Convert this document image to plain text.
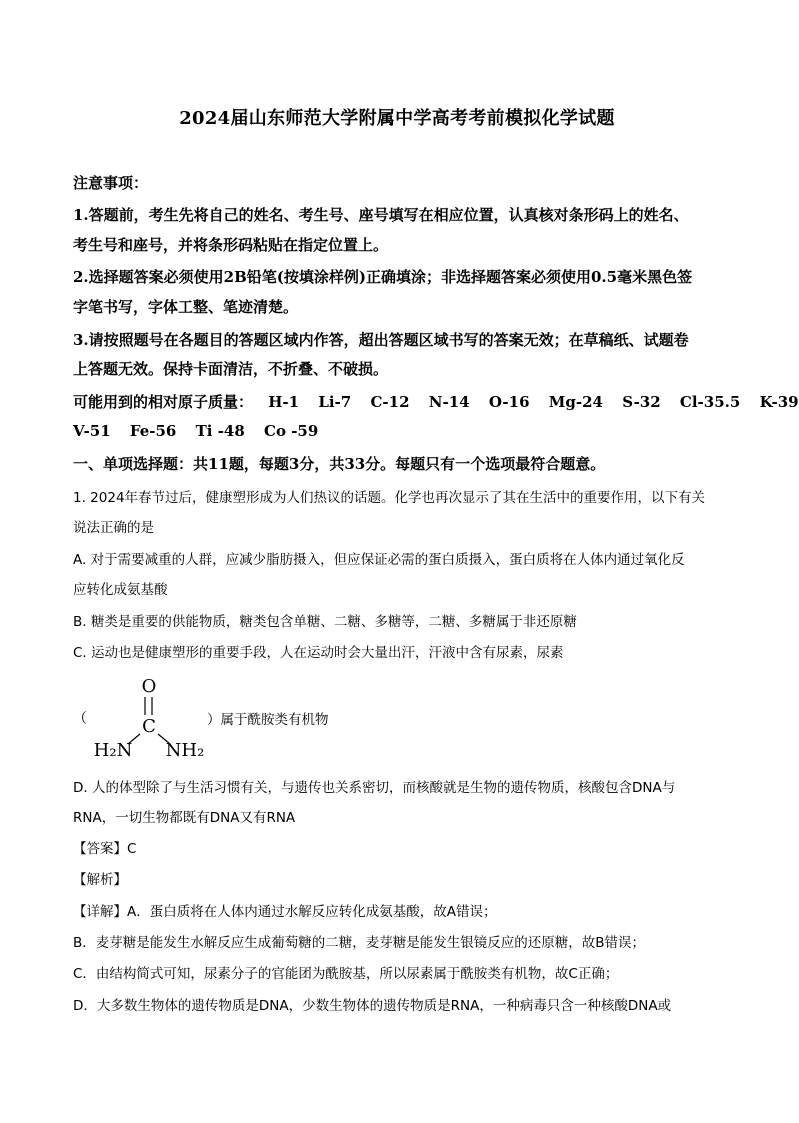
2024届山东师范大学附属中学高考考前模拟化学试题
注意事项：
1.答题前，考生先将自己的姓名、考生号、座号填写在相应位置，认真核对条形码上的姓名、
考生号和座号，并将条形码粘贴在指定位置上。
2.选择题答案必须使用2B铅笔(按填涂样例)正确填涂；非选择题答案必须使用0.5毫米黑色签
字笔书写，字体工整、笔迹清楚。
3.请按照题号在各题目的答题区域内作答，超出答题区域书写的答案无效；在草稿纸、试题卷
上答题无效。保持卡面清洁，不折叠、不破损。
可能用到的相对原子质量： H-1 Li-7 C-12 N-14 O-16 Mg-24 S-32 Cl-35.5 K-39
V-51 Fe-56 Ti -48 Co -59
一、单项选择题：共11题，每题3分，共33分。每题只有一个选项最符合题意。
1. 2024年春节过后，健康塑形成为人们热议的话题。化学也再次显示了其在生活中的重要作用，以下有关
说法正确的是
A. 对于需要减重的人群，应减少脂肪摄入，但应保证必需的蛋白质摄入，蛋白质将在人体内通过氧化反
应转化成氨基酸
B. 糖类是重要的供能物质，糖类包含单糖、二糖、多糖等，二糖、多糖属于非还原糖
C. 运动也是健康塑形的重要手段，人在运动时会大量出汗，汗液中含有尿素，尿素
（
O
C
H₂N NH₂
）属于酰胺类有机物
D. 人的体型除了与生活习惯有关，与遗传也关系密切，而核酸就是生物的遗传物质，核酸包含DNA与
RNA，一切生物都既有DNA又有RNA
【答案】C
【解析】
【详解】A．蛋白质将在人体内通过水解反应转化成氨基酸，故A错误；
B．麦芽糖是能发生水解反应生成葡萄糖的二糖，麦芽糖是能发生银镜反应的还原糖，故B错误；
C．由结构简式可知，尿素分子的官能团为酰胺基，所以尿素属于酰胺类有机物，故C正确；
D．大多数生物体的遗传物质是DNA，少数生物体的遗传物质是RNA，一种病毒只含一种核酸DNA或
